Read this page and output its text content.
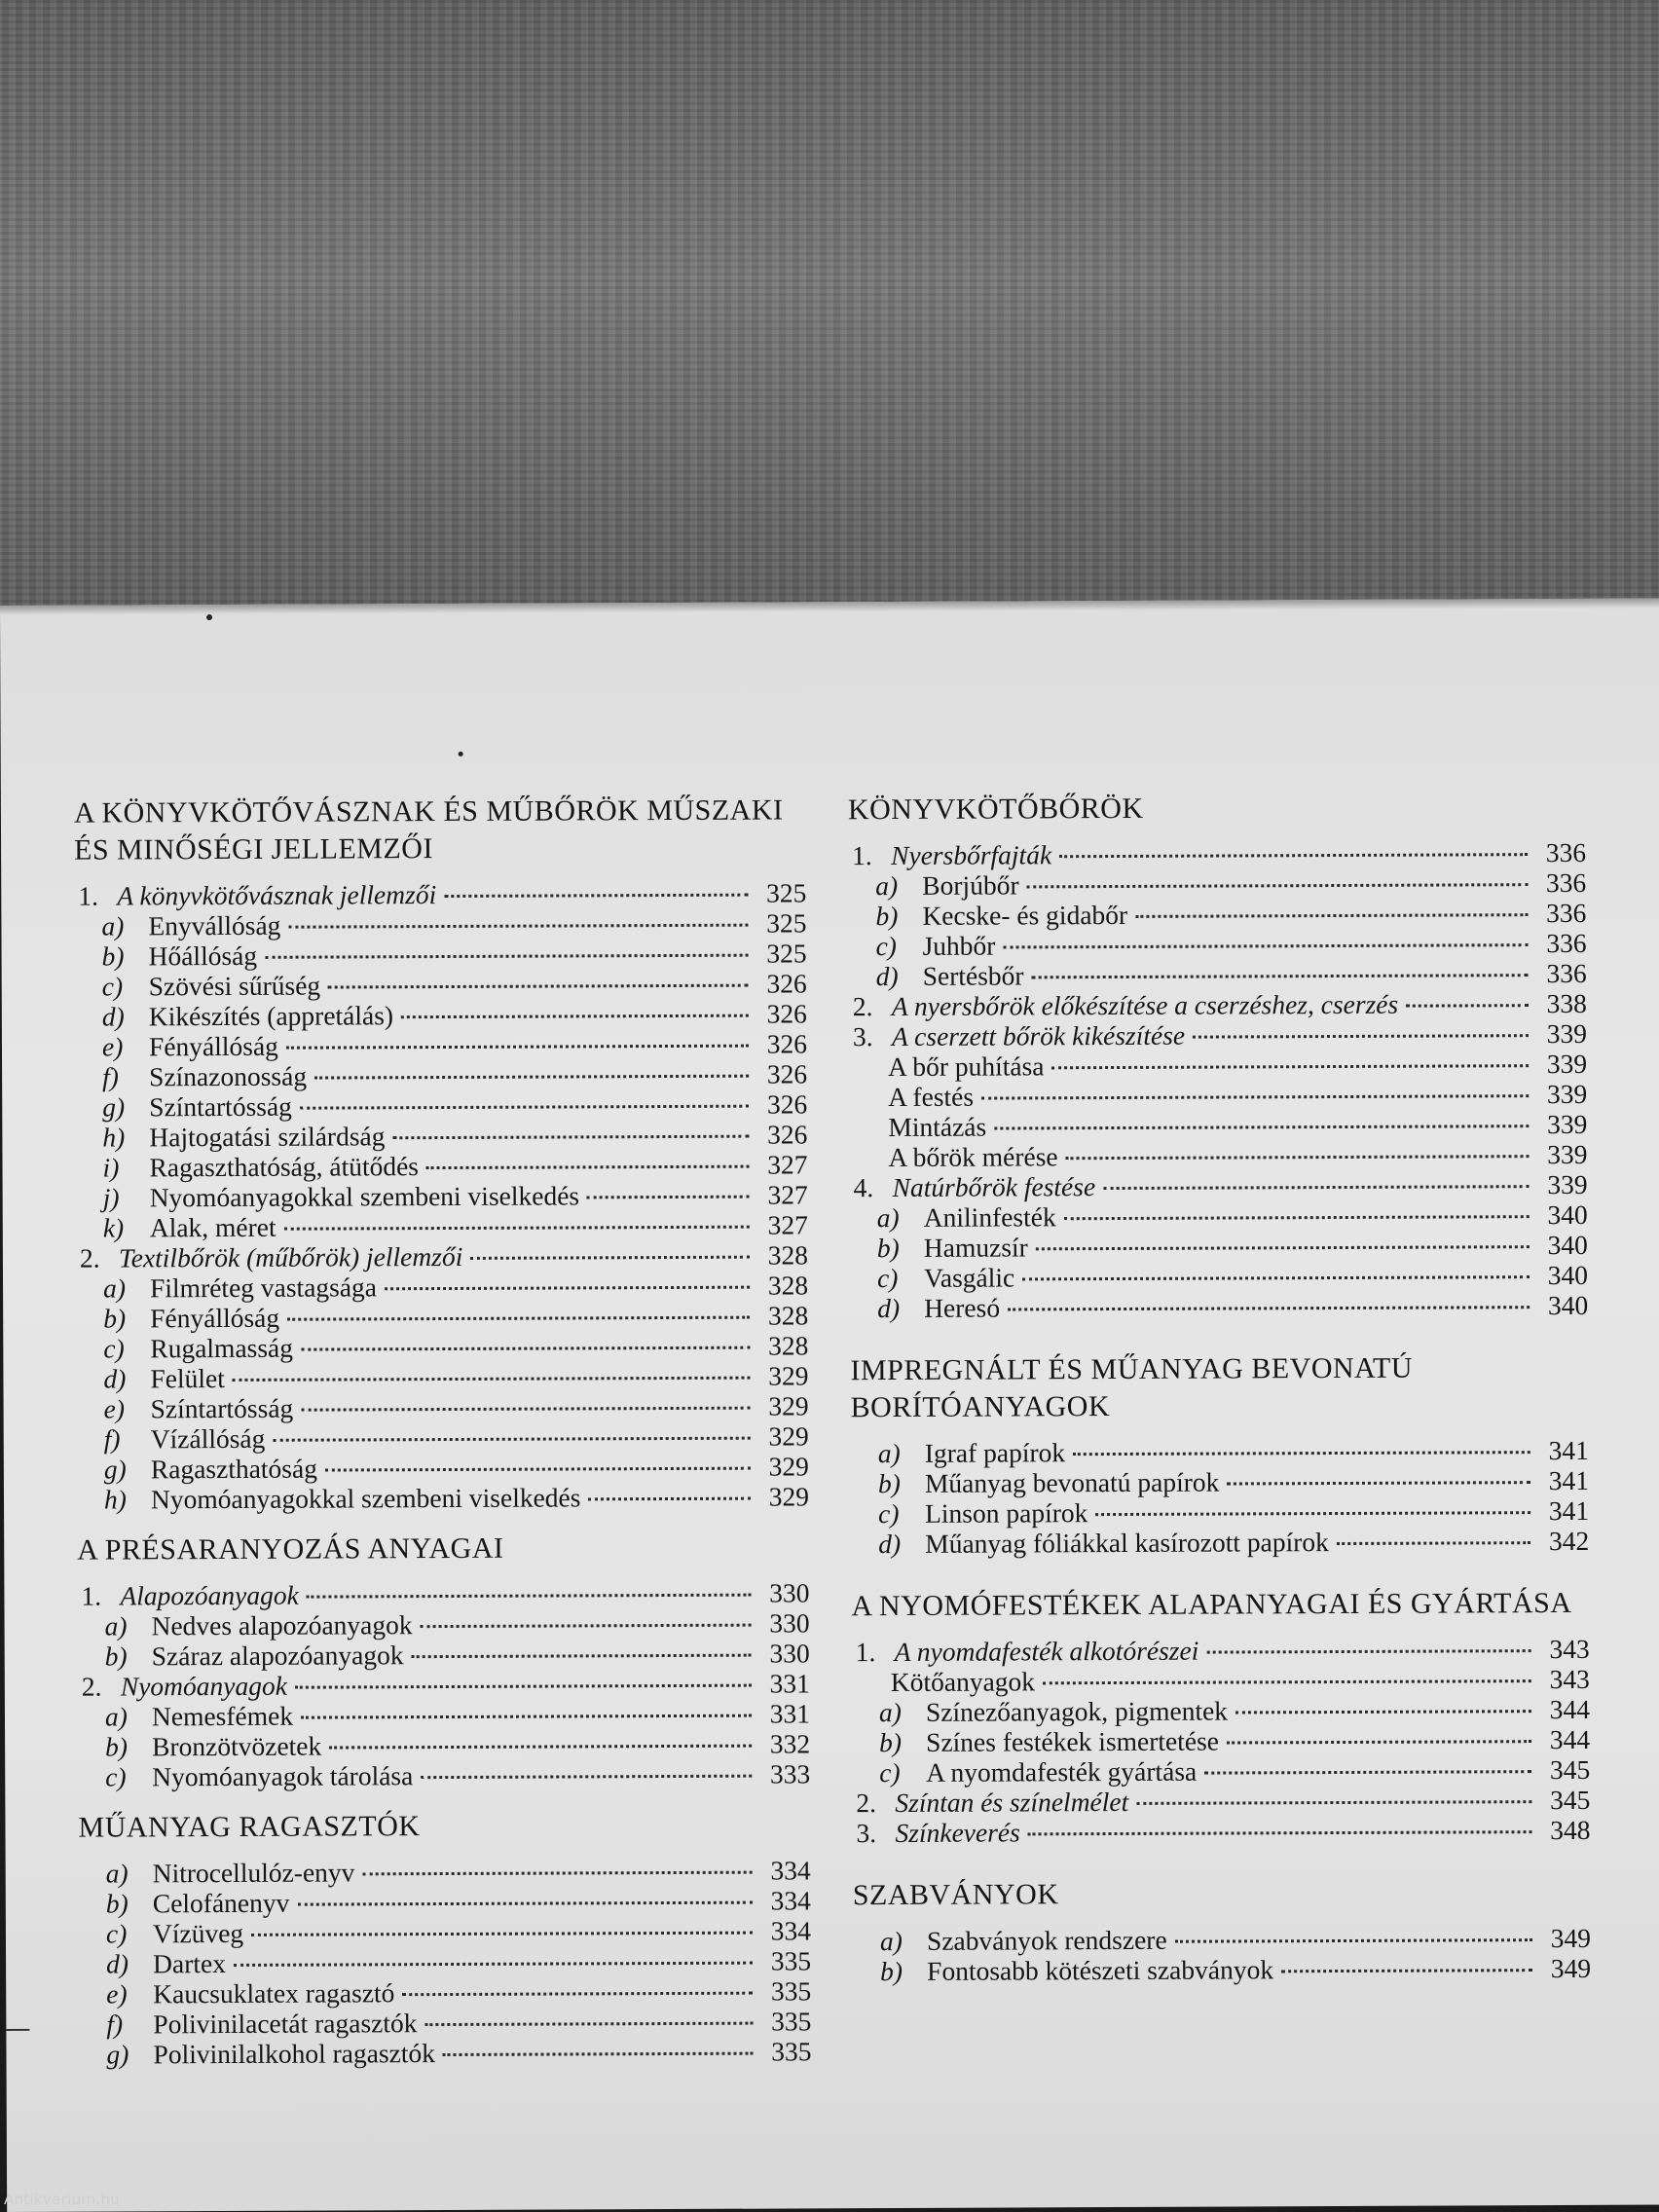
A KÖNYVKÖTŐVÁSZNAK ÉS MŰBŐRÖK MŰSZAKI ÉS MINŐSÉGI JELLEMZŐI
1. A könyvkötővásznak jellemzői	325
a) Enyvállóság	325
b) Hőállóság	325
c) Szövési sűrűség	326
d) Kikészítés (appretálás)	326
e) Fényállóság	326
f)	Színazonosság	326
g) Színtartósság	326
h) Hajtogatási szilárdság	326
i)	Ragaszthatóság, átütődés	327
j)	Nyomóanyagokkal szembeni viselkedés	327
k) Alak, méret	327
2. Textilbőrök (műbőrök) jellemzői	328
a) Filmréteg vastagsága	328
b) Fényállóság	328
c) Rugalmasság	328
d) Felület	329
e) Színtartósság	329
f)	Vízállóság	329
g) Ragaszthatóság	329
h) Nyomóanyagokkal szembeni viselkedés	329
A PRÉSARANYOZÁS ANYAGAI
1. Alapozóanyagok	330
a) Nedves alapozóanyagok	330
b) Száraz alapozóanyagok	330
2. Nyomóanyagok	331
a) Nemesfémek	331
b) Bronzötvözetek	332
c) Nyomóanyagok tárolása	333
MŰANYAG RAGASZTÓK
a) Nitrocellulóz-enyv	334
b) Celofánenyv	334
c) Vízüveg	334
d) Dartex	335
e) Kaucsuklatex ragasztó	335
f)	Polivinilacetát ragasztók	335
g) Polivinilalkohol ragasztók	335
KÖNYVKÖTŐBŐRÖK
1. Nyersbőrfajták	336
a) Borjúbőr	336
b) Kecske- és gidabőr	336
c) Juhbőr	336
d) Sertésbőr	336
2. A nyersbőrök előkészítése a cserzéshez, cserzés	338
3. A cserzett bőrök kikészítése	339
A bőr puhítása	339
A festés	339
Mintázás	339
A bőrök mérése	339
4. Natúrbőrök festése	339
a) Anilinfesték	340
b) Hamuzsír	340
c) Vasgálic	340
d) Heresó	340
IMPREGNÁLT ÉS MŰANYAG BEVONATÚ BORÍTÓANYAGOK
a) Igraf papírok	341
b) Műanyag bevonatú papírok	341
c) Linson papírok	341
d) Műanyag fóliákkal kasírozott papírok	342
A NYOMÓFESTÉKEK ALAPANYAGAI ÉS GYÁRTÁSA
1. A nyomdafesték alkotórészei	343
Kötőanyagok	343
a) Színezőanyagok, pigmentek	344
b) Színes festékek ismertetése	344
c) A nyomdafesték gyártása	345
2. Színtan és színelmélet	345
3. Színkeverés	348
SZABVÁNYOK
a) Szabványok rendszere	349
b) Fontosabb kötészeti szabványok	349
Antikvarium.hu
